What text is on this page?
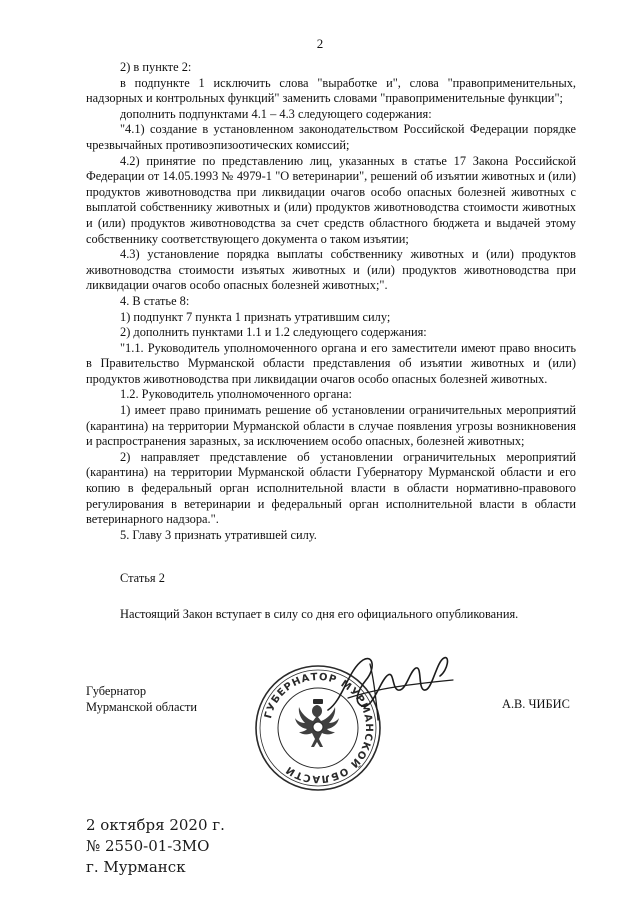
2

2) в пункте 2:

в подпункте 1 исключить слова "выработке и", слова "правоприменительных, надзорных и контрольных функций" заменить словами "правоприменительные функции";

дополнить подпунктами 4.1 – 4.3 следующего содержания:

"4.1) создание в установленном законодательством Российской Федерации порядке чрезвычайных противоэпизоотических комиссий;

4.2) принятие по представлению лиц, указанных в статье 17 Закона Российской Федерации от 14.05.1993 № 4979-1 "О ветеринарии", решений об изъятии животных и (или) продуктов животноводства при ликвидации очагов особо опасных болезней животных с выплатой собственнику животных и (или) продуктов животноводства стоимости животных и (или) продуктов животноводства за счет средств областного бюджета и выдачей этому собственнику соответствующего документа о таком изъятии;

4.3) установление порядка выплаты собственнику животных и (или) продуктов животноводства стоимости изъятых животных и (или) продуктов животноводства при ликвидации очагов особо опасных болезней животных;".

4. В статье 8:

1) подпункт 7 пункта 1 признать утратившим силу;

2) дополнить пунктами 1.1 и 1.2 следующего содержания:

"1.1. Руководитель уполномоченного органа и его заместители имеют право вносить в Правительство Мурманской области представления об изъятии животных и (или) продуктов животноводства при ликвидации очагов особо опасных болезней животных.

1.2. Руководитель уполномоченного органа:

1) имеет право принимать решение об установлении ограничительных мероприятий (карантина) на территории Мурманской области в случае появления угрозы возникновения и распространения заразных, за исключением особо опасных, болезней животных;

2) направляет представление об установлении ограничительных мероприятий (карантина) на территории Мурманской области Губернатору Мурманской области и его копию в федеральный орган исполнительной власти в области нормативно-правового регулирования в ветеринарии и федеральный орган исполнительной власти в области ветеринарного надзора.".

5. Главу 3 признать утратившей силу.

Статья 2

Настоящий Закон вступает в силу со дня его официального опубликования.

Губернатор
Мурманской области	А.В. ЧИБИС
ГУБЕРНАТОР МУРМАНСКОЙ ОБЛАСТИ
2 октября 2020 г.
№ 2550-01-ЗМО
г. Мурманск
